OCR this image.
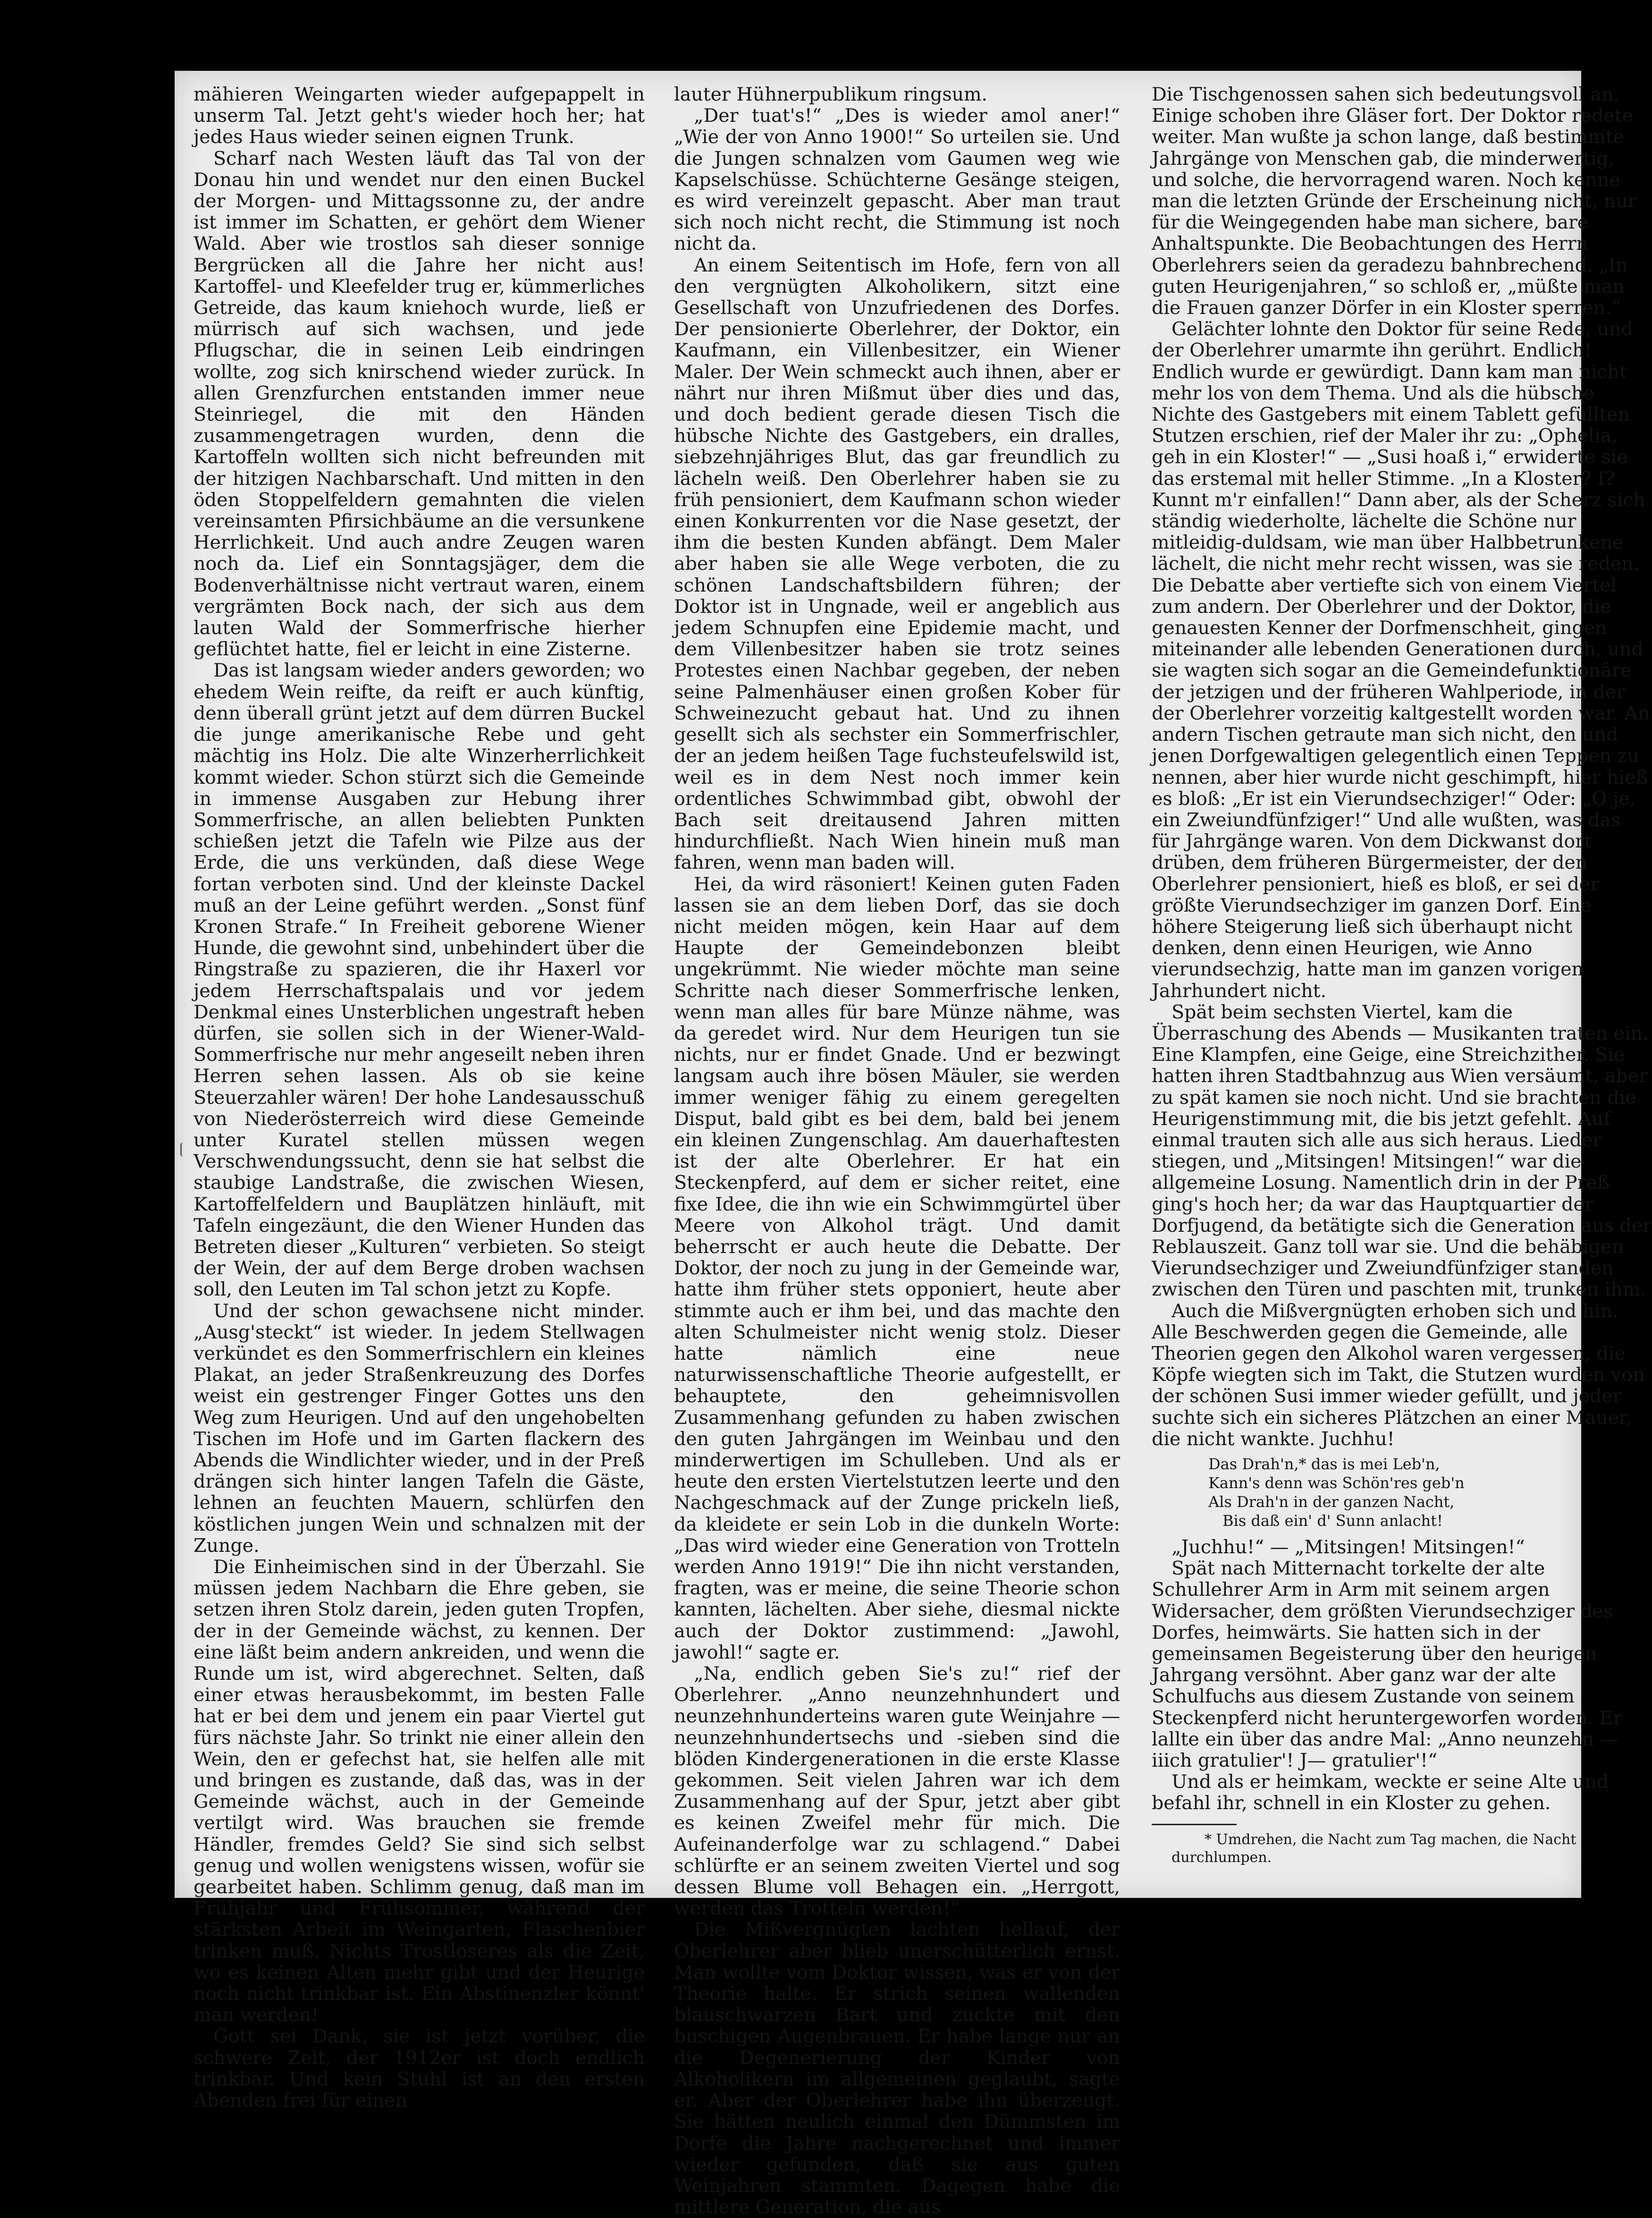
mähieren Weingarten wieder aufgepappelt in unserm Tal. Jetzt geht's wieder hoch her; hat jedes Haus wieder seinen eignen Trunk.

Scharf nach Westen läuft das Tal von der Donau hin und wendet nur den einen Buckel der Morgen- und Mittagssonne zu, der andre ist immer im Schatten, er gehört dem Wiener Wald. Aber wie trostlos sah dieser sonnige Bergrücken all die Jahre her nicht aus! Kartoffel- und Kleefelder trug er, kümmerliches Getreide, das kaum kniehoch wurde, ließ er mürrisch auf sich wachsen, und jede Pflugschar, die in seinen Leib eindringen wollte, zog sich knirschend wieder zurück. In allen Grenzfurchen entstanden immer neue Steinriegel, die mit den Händen zusammengetragen wurden, denn die Kartoffeln wollten sich nicht befreunden mit der hitzigen Nachbarschaft. Und mitten in den öden Stoppelfeldern gemahnten die vielen vereinsamten Pfirsichbäume an die versunkene Herrlichkeit. Und auch andre Zeugen waren noch da. Lief ein Sonntagsjäger, dem die Bodenverhältnisse nicht vertraut waren, einem vergrämten Bock nach, der sich aus dem lauten Wald der Sommerfrische hierher geflüchtet hatte, fiel er leicht in eine Zisterne.

Das ist langsam wieder anders geworden; wo ehedem Wein reifte, da reift er auch künftig, denn überall grünt jetzt auf dem dürren Buckel die junge amerikanische Rebe und geht mächtig ins Holz. Die alte Winzerherrlichkeit kommt wieder. Schon stürzt sich die Gemeinde in immense Ausgaben zur Hebung ihrer Sommerfrische, an allen beliebten Punkten schießen jetzt die Tafeln wie Pilze aus der Erde, die uns verkünden, daß diese Wege fortan verboten sind. Und der kleinste Dackel muß an der Leine geführt werden. „Sonst fünf Kronen Strafe.“ In Freiheit geborene Wiener Hunde, die gewohnt sind, unbehindert über die Ringstraße zu spazieren, die ihr Haxerl vor jedem Herrschaftspalais und vor jedem Denkmal eines Unsterblichen ungestraft heben dürfen, sie sollen sich in der Wiener-Wald-Sommerfrische nur mehr angeseilt neben ihren Herren sehen lassen. Als ob sie keine Steuerzahler wären! Der hohe Landesausschuß von Niederösterreich wird diese Gemeinde unter Kuratel stellen müssen wegen Verschwendungssucht, denn sie hat selbst die staubige Landstraße, die zwischen Wiesen, Kartoffelfeldern und Bauplätzen hinläuft, mit Tafeln eingezäunt, die den Wiener Hunden das Betreten dieser „Kulturen“ verbieten. So steigt der Wein, der auf dem Berge droben wachsen soll, den Leuten im Tal schon jetzt zu Kopfe.

Und der schon gewachsene nicht minder. „Ausg'steckt“ ist wieder. In jedem Stellwagen verkündet es den Sommerfrischlern ein kleines Plakat, an jeder Straßenkreuzung des Dorfes weist ein gestrenger Finger Gottes uns den Weg zum Heurigen. Und auf den ungehobelten Tischen im Hofe und im Garten flackern des Abends die Windlichter wieder, und in der Preß drängen sich hinter langen Tafeln die Gäste, lehnen an feuchten Mauern, schlürfen den köstlichen jungen Wein und schnalzen mit der Zunge.

Die Einheimischen sind in der Überzahl. Sie müssen jedem Nachbarn die Ehre geben, sie setzen ihren Stolz darein, jeden guten Tropfen, der in der Gemeinde wächst, zu kennen. Der eine läßt beim andern ankreiden, und wenn die Runde um ist, wird abgerechnet. Selten, daß einer etwas herausbekommt, im besten Falle hat er bei dem und jenem ein paar Viertel gut fürs nächste Jahr. So trinkt nie einer allein den Wein, den er gefechst hat, sie helfen alle mit und bringen es zustande, daß das, was in der Gemeinde wächst, auch in der Gemeinde vertilgt wird. Was brauchen sie fremde Händler, fremdes Geld? Sie sind sich selbst genug und wollen wenigstens wissen, wofür sie gearbeitet haben. Schlimm genug, daß man im Frühjahr und Frühsommer, während der stärksten Arbeit im Weingarten, Flaschenbier trinken muß. Nichts Trostloseres als die Zeit, wo es keinen Alten mehr gibt und der Heurige noch nicht trinkbar ist. Ein Abstinenzler könnt' man werden!

Gott sei Dank, sie ist jetzt vorüber, die schwere Zeit, der 1912er ist doch endlich trinkbar. Und kein Stuhl ist an den ersten Abenden frei für einen

lauter Hühnerpublikum ringsum.

„Der tuat's!“ „Des is wieder amol aner!“ „Wie der von Anno 1900!“ So urteilen sie. Und die Jungen schnalzen vom Gaumen weg wie Kapselschüsse. Schüchterne Gesänge steigen, es wird vereinzelt gepascht. Aber man traut sich noch nicht recht, die Stimmung ist noch nicht da.

An einem Seitentisch im Hofe, fern von all den vergnügten Alkoholikern, sitzt eine Gesellschaft von Unzufriedenen des Dorfes. Der pensionierte Oberlehrer, der Doktor, ein Kaufmann, ein Villenbesitzer, ein Wiener Maler. Der Wein schmeckt auch ihnen, aber er nährt nur ihren Mißmut über dies und das, und doch bedient gerade diesen Tisch die hübsche Nichte des Gastgebers, ein dralles, siebzehnjähriges Blut, das gar freundlich zu lächeln weiß. Den Oberlehrer haben sie zu früh pensioniert, dem Kaufmann schon wieder einen Konkurrenten vor die Nase gesetzt, der ihm die besten Kunden abfängt. Dem Maler aber haben sie alle Wege verboten, die zu schönen Landschaftsbildern führen; der Doktor ist in Ungnade, weil er angeblich aus jedem Schnupfen eine Epidemie macht, und dem Villenbesitzer haben sie trotz seines Protestes einen Nachbar gegeben, der neben seine Palmenhäuser einen großen Kober für Schweinezucht gebaut hat. Und zu ihnen gesellt sich als sechster ein Sommerfrischler, der an jedem heißen Tage fuchsteufelswild ist, weil es in dem Nest noch immer kein ordentliches Schwimmbad gibt, obwohl der Bach seit dreitausend Jahren mitten hindurchfließt. Nach Wien hinein muß man fahren, wenn man baden will.

Hei, da wird räsoniert! Keinen guten Faden lassen sie an dem lieben Dorf, das sie doch nicht meiden mögen, kein Haar auf dem Haupte der Gemeindebonzen bleibt ungekrümmt. Nie wieder möchte man seine Schritte nach dieser Sommerfrische lenken, wenn man alles für bare Münze nähme, was da geredet wird. Nur dem Heurigen tun sie nichts, nur er findet Gnade. Und er bezwingt langsam auch ihre bösen Mäuler, sie werden immer weniger fähig zu einem geregelten Disput, bald gibt es bei dem, bald bei jenem ein kleinen Zungenschlag. Am dauerhaftesten ist der alte Oberlehrer. Er hat ein Steckenpferd, auf dem er sicher reitet, eine fixe Idee, die ihn wie ein Schwimmgürtel über Meere von Alkohol trägt. Und damit beherrscht er auch heute die Debatte. Der Doktor, der noch zu jung in der Gemeinde war, hatte ihm früher stets opponiert, heute aber stimmte auch er ihm bei, und das machte den alten Schulmeister nicht wenig stolz. Dieser hatte nämlich eine neue naturwissenschaftliche Theorie aufgestellt, er behauptete, den geheimnisvollen Zusammenhang gefunden zu haben zwischen den guten Jahrgängen im Weinbau und den minderwertigen im Schulleben. Und als er heute den ersten Viertelstutzen leerte und den Nachgeschmack auf der Zunge prickeln ließ, da kleidete er sein Lob in die dunkeln Worte: „Das wird wieder eine Generation von Trotteln werden Anno 1919!“ Die ihn nicht verstanden, fragten, was er meine, die seine Theorie schon kannten, lächelten. Aber siehe, diesmal nickte auch der Doktor zustimmend: „Jawohl, jawohl!“ sagte er.

„Na, endlich geben Sie's zu!“ rief der Oberlehrer. „Anno neunzehnhundert und neunzehnhunderteins waren gute Weinjahre — neunzehnhundertsechs und -sieben sind die blöden Kindergenerationen in die erste Klasse gekommen. Seit vielen Jahren war ich dem Zusammenhang auf der Spur, jetzt aber gibt es keinen Zweifel mehr für mich. Die Aufeinanderfolge war zu schlagend.“ Dabei schlürfte er an seinem zweiten Viertel und sog dessen Blume voll Behagen ein. „Herrgott, werden das Trotteln werden!“

Die Mißvergnügten lachten hellauf, der Oberlehrer aber blieb unerschütterlich ernst. Man wollte vom Doktor wissen, was er von der Theorie halte. Er strich seinen wallenden blauschwarzen Bart und zuckte mit den buschigen Augenbrauen. Er habe lange nur an die Degenerierung der Kinder von Alkoholikern im allgemeinen geglaubt, sagte er. Aber der Oberlehrer habe ihn überzeugt. Sie hätten neulich einmal den Dümmsten im Dorfe die Jahre nachgerechnet und immer wieder gefunden, daß sie aus guten Weinjahren stammten. Dagegen habe die mittlere Generation, die aus

Die Tischgenossen sahen sich bedeutungsvoll an. Einige schoben ihre Gläser fort. Der Doktor redete weiter. Man wußte ja schon lange, daß bestimmte Jahrgänge von Menschen gab, die minderwertig, und solche, die hervorragend waren. Noch kenne man die letzten Gründe der Erscheinung nicht, nur für die Weingegenden habe man sichere, bare Anhaltspunkte. Die Beobachtungen des Herrn Oberlehrers seien da geradezu bahnbrechend. „In guten Heurigenjahren,“ so schloß er, „müßte man die Frauen ganzer Dörfer in ein Kloster sperren.“

Gelächter lohnte den Doktor für seine Rede, und der Oberlehrer umarmte ihn gerührt. Endlich! Endlich wurde er gewürdigt. Dann kam man nicht mehr los von dem Thema. Und als die hübsche Nichte des Gastgebers mit einem Tablett gefüllten Stutzen erschien, rief der Maler ihr zu: „Ophelia, geh in ein Kloster!“ — „Susi hoaß i,“ erwiderte sie das erstemal mit heller Stimme. „In a Kloster? I? Kunnt m'r einfallen!“ Dann aber, als der Scherz sich ständig wiederholte, lächelte die Schöne nur mitleidig-duldsam, wie man über Halbbetrunkene lächelt, die nicht mehr recht wissen, was sie reden. Die Debatte aber vertiefte sich von einem Viertel zum andern. Der Oberlehrer und der Doktor, die genauesten Kenner der Dorfmenschheit, gingen miteinander alle lebenden Generationen durch, und sie wagten sich sogar an die Gemeindefunktionäre der jetzigen und der früheren Wahlperiode, in der der Oberlehrer vorzeitig kaltgestellt worden war. An andern Tischen getraute man sich nicht, den und jenen Dorfgewaltigen gelegentlich einen Teppen zu nennen, aber hier wurde nicht geschimpft, hier hieß es bloß: „Er ist ein Vierundsechziger!“ Oder: „O je, ein Zweiundfünfziger!“ Und alle wußten, was das für Jahrgänge waren. Von dem Dickwanst dort drüben, dem früheren Bürgermeister, der den Oberlehrer pensioniert, hieß es bloß, er sei der größte Vierundsechziger im ganzen Dorf. Eine höhere Steigerung ließ sich überhaupt nicht denken, denn einen Heurigen, wie Anno vierundsechzig, hatte man im ganzen vorigen Jahrhundert nicht.

Spät beim sechsten Viertel, kam die Überraschung des Abends — Musikanten traten ein. Eine Klampfen, eine Geige, eine Streichzither. Sie hatten ihren Stadtbahnzug aus Wien versäumt, aber zu spät kamen sie noch nicht. Und sie brachten die Heurigenstimmung mit, die bis jetzt gefehlt. Auf einmal trauten sich alle aus sich heraus. Lieder stiegen, und „Mitsingen! Mitsingen!“ war die allgemeine Losung. Namentlich drin in der Preß ging's hoch her; da war das Hauptquartier der Dorfjugend, da betätigte sich die Generation aus der Reblauszeit. Ganz toll war sie. Und die behäbigen Vierundsechziger und Zweiundfünfziger standen zwischen den Türen und paschten mit, trunken ihm.

Auch die Mißvergnügten erhoben sich und hin. Alle Beschwerden gegen die Gemeinde, alle Theorien gegen den Alkohol waren vergessen, die Köpfe wiegten sich im Takt, die Stutzen wurden von der schönen Susi immer wieder gefüllt, und jeder suchte sich ein sicheres Plätzchen an einer Mauer, die nicht wankte. Juchhu!

Das Drah'n,* das is mei Leb'n,
Kann's denn was Schön'res geb'n
Als Drah'n in der ganzen Nacht,
Bis daß ein' d' Sunn anlacht!

„Juchhu!“ — „Mitsingen! Mitsingen!“

Spät nach Mitternacht torkelte der alte Schullehrer Arm in Arm mit seinem argen Widersacher, dem größten Vierundsechziger des Dorfes, heimwärts. Sie hatten sich in der gemeinsamen Begeisterung über den heurigen Jahrgang versöhnt. Aber ganz war der alte Schulfuchs aus diesem Zustande von seinem Steckenpferd nicht heruntergeworfen worden. Er lallte ein über das andre Mal: „Anno neunzehn — iiich gratulier'! J— gratulier'!“

Und als er heimkam, weckte er seine Alte und befahl ihr, schnell in ein Kloster zu gehen.

* Umdrehen, die Nacht zum Tag machen, die Nacht
durchlumpen.
